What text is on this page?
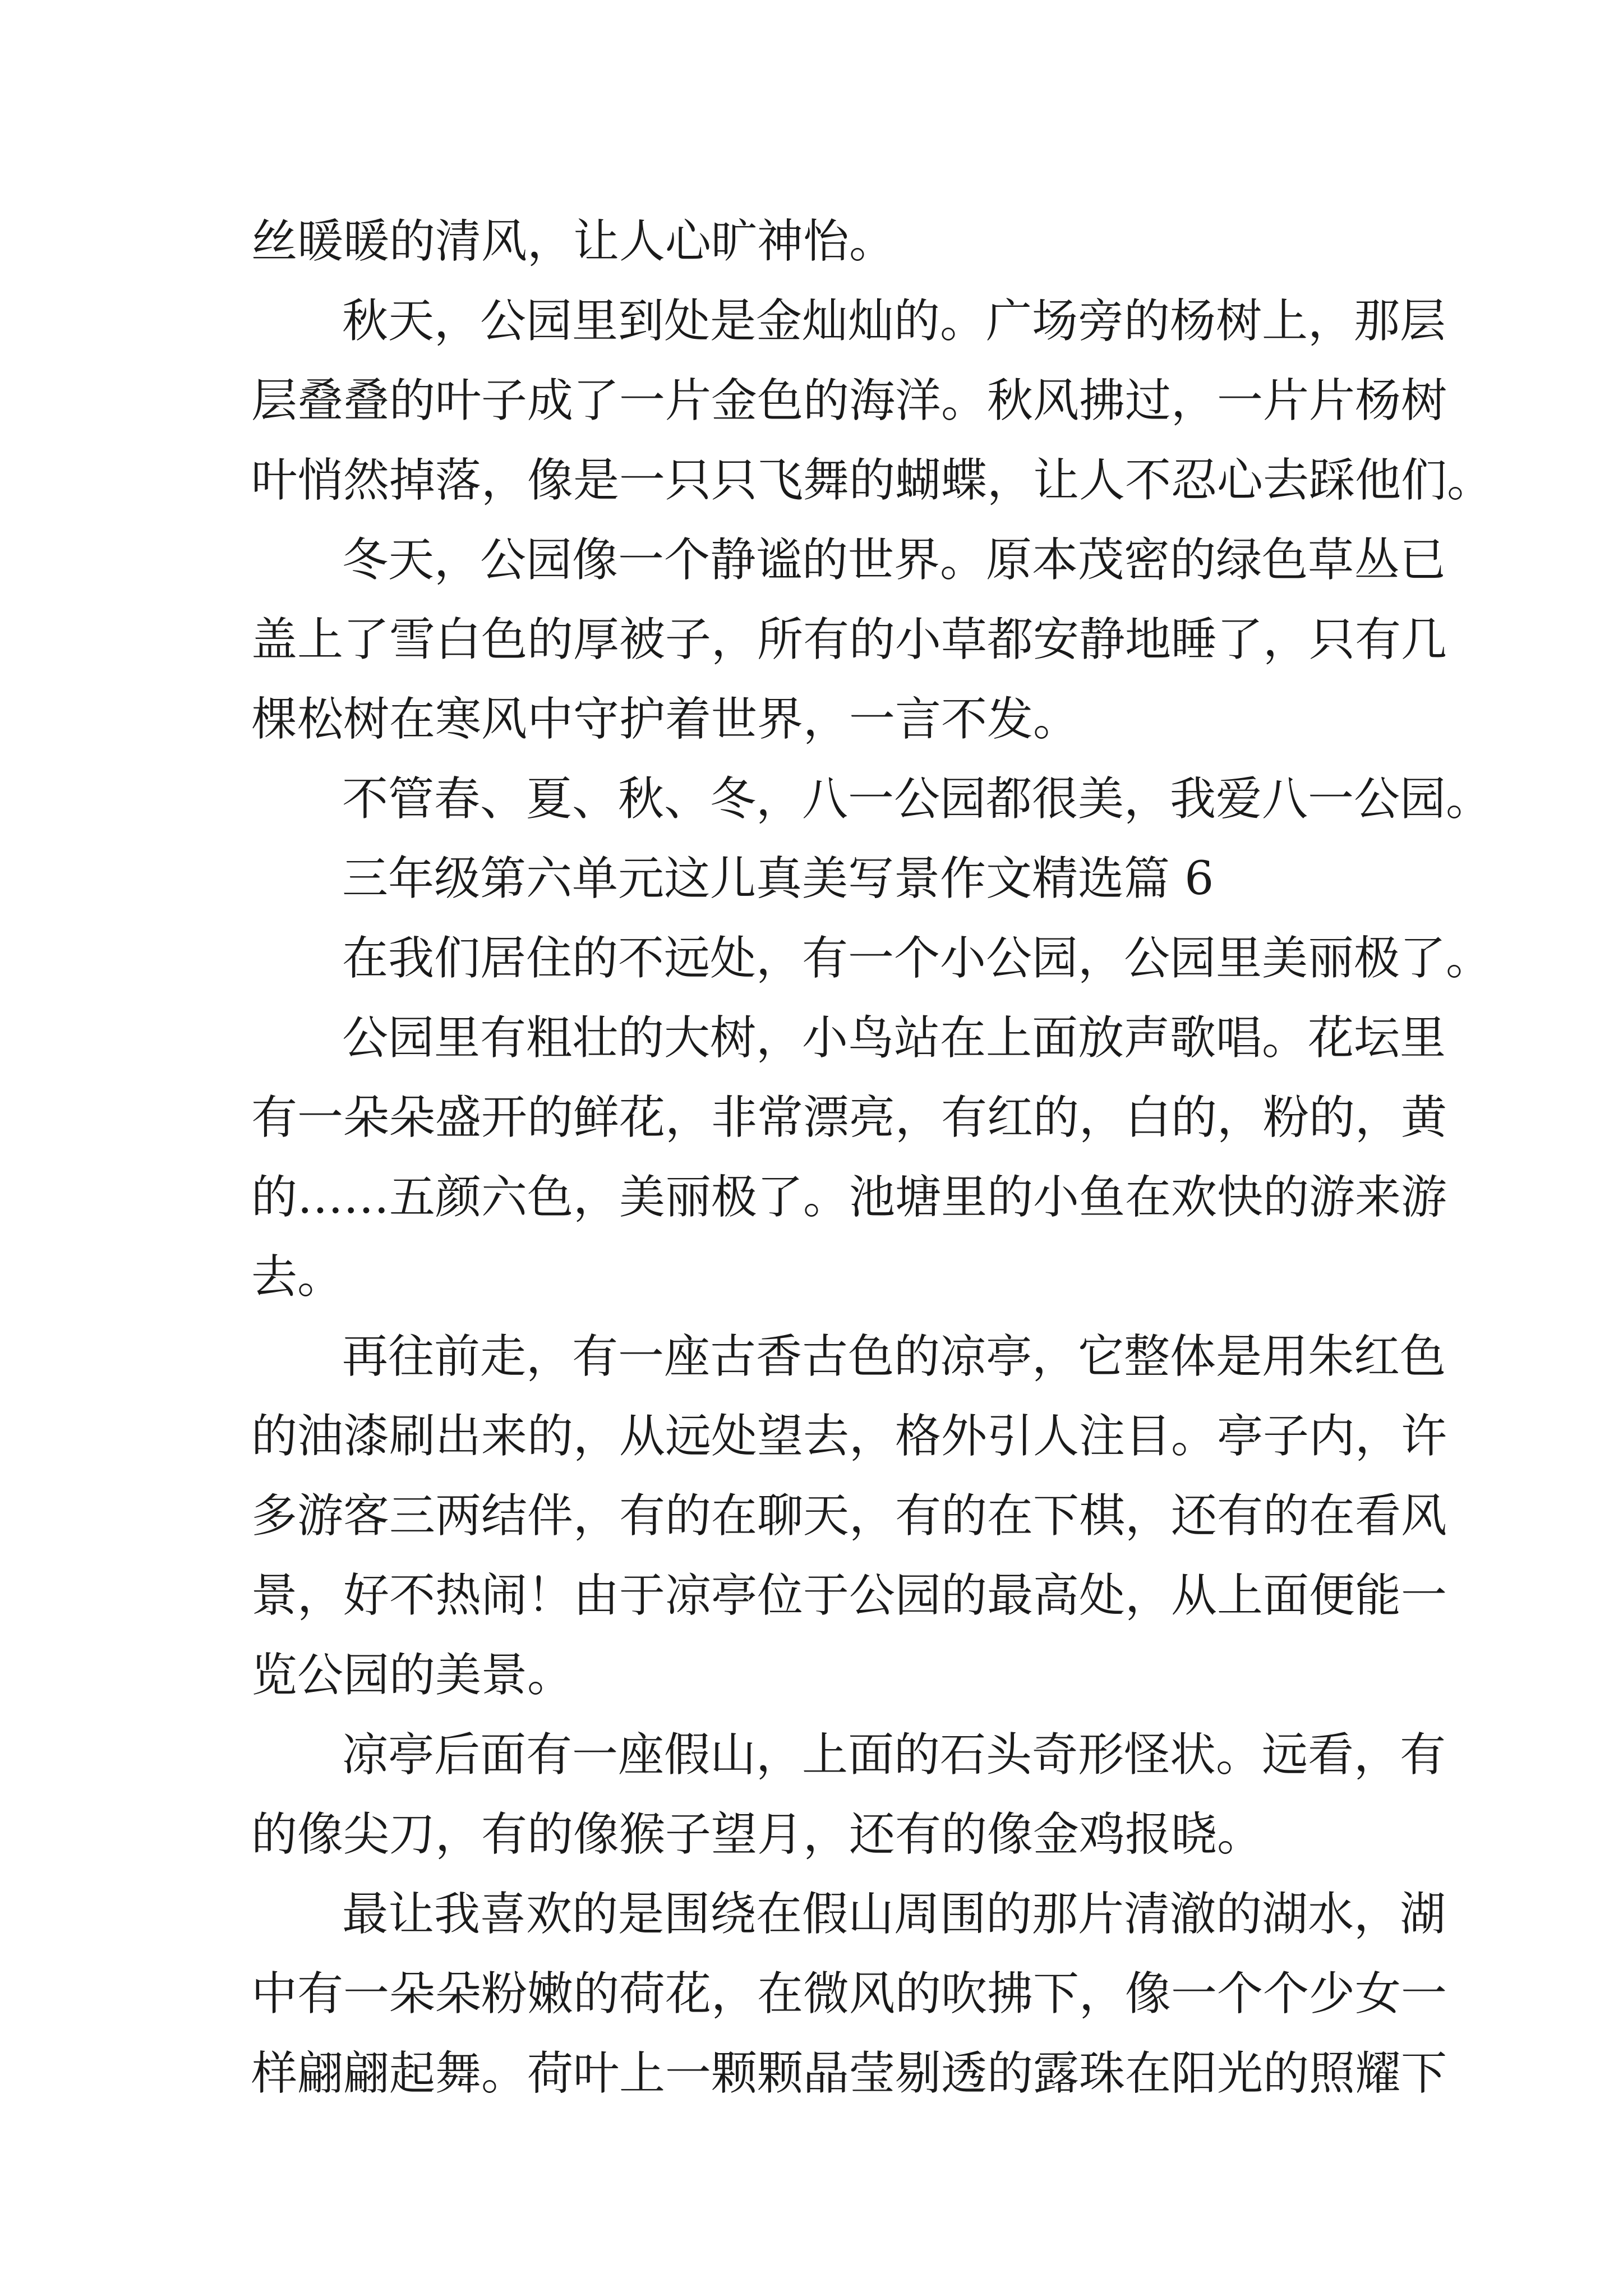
丝暖暖的清风，让人心旷神怡。
秋天，公园里到处是金灿灿的。广场旁的杨树上，那层
层叠叠的叶子成了一片金色的海洋。秋风拂过，一片片杨树
叶悄然掉落，像是一只只飞舞的蝴蝶，让人不忍心去踩他们。
冬天，公园像一个静谧的世界。原本茂密的绿色草丛已
盖上了雪白色的厚被子，所有的小草都安静地睡了，只有几
棵松树在寒风中守护着世界，一言不发。
不管春、夏、秋、冬，八一公园都很美，我爱八一公园。
三年级第六单元这儿真美写景作文精选篇 6
在我们居住的不远处，有一个小公园，公园里美丽极了。
公园里有粗壮的大树，小鸟站在上面放声歌唱。花坛里
有一朵朵盛开的鲜花，非常漂亮，有红的，白的，粉的，黄
的……五颜六色，美丽极了。池塘里的小鱼在欢快的游来游
去。
再往前走，有一座古香古色的凉亭，它整体是用朱红色
的油漆刷出来的，从远处望去，格外引人注目。亭子内，许
多游客三两结伴，有的在聊天，有的在下棋，还有的在看风
景，好不热闹！由于凉亭位于公园的最高处，从上面便能一
览公园的美景。
凉亭后面有一座假山，上面的石头奇形怪状。远看，有
的像尖刀，有的像猴子望月，还有的像金鸡报晓。
最让我喜欢的是围绕在假山周围的那片清澈的湖水，湖
中有一朵朵粉嫩的荷花，在微风的吹拂下，像一个个少女一
样翩翩起舞。荷叶上一颗颗晶莹剔透的露珠在阳光的照耀下
